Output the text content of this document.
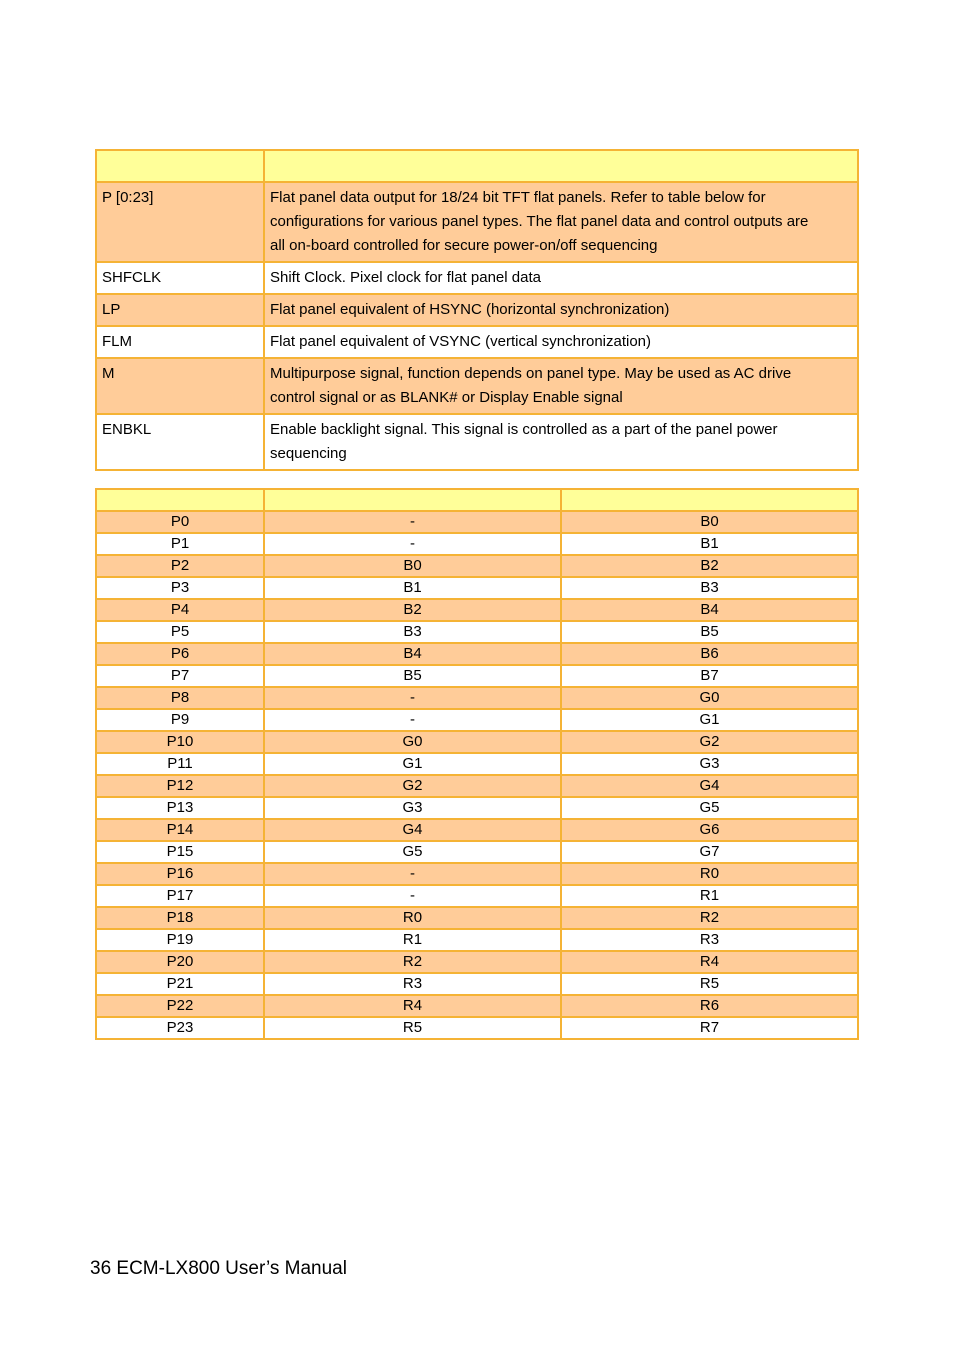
P [0:23]	Flat panel data output for 18/24 bit TFT flat panels. Refer to table below for
configurations for various panel types. The flat panel data and control outputs are
all on-board controlled for secure power-on/off sequencing

SHFCLK	Shift Clock. Pixel clock for flat panel data

LP	Flat panel equivalent of HSYNC (horizontal synchronization)

FLM	Flat panel equivalent of VSYNC (vertical synchronization)

M	Multipurpose signal, function depends on panel type. May be used as AC drive
control signal or as BLANK# or Display Enable signal

ENBKL	Enable backlight signal. This signal is controlled as a part of the panel power
sequencing

P0	-	B0
P1	-	B1
P2	B0	B2
P3	B1	B3
P4	B2	B4
P5	B3	B5
P6	B4	B6
P7	B5	B7
P8	-	G0
P9	-	G1
P10	G0	G2
P11	G1	G3
P12	G2	G4
P13	G3	G5
P14	G4	G6
P15	G5	G7
P16	-	R0
P17	-	R1
P18	R0	R2
P19	R1	R3
P20	R2	R4
P21	R3	R5
P22	R4	R6
P23	R5	R7
36 ECM-LX800 User’s Manual
